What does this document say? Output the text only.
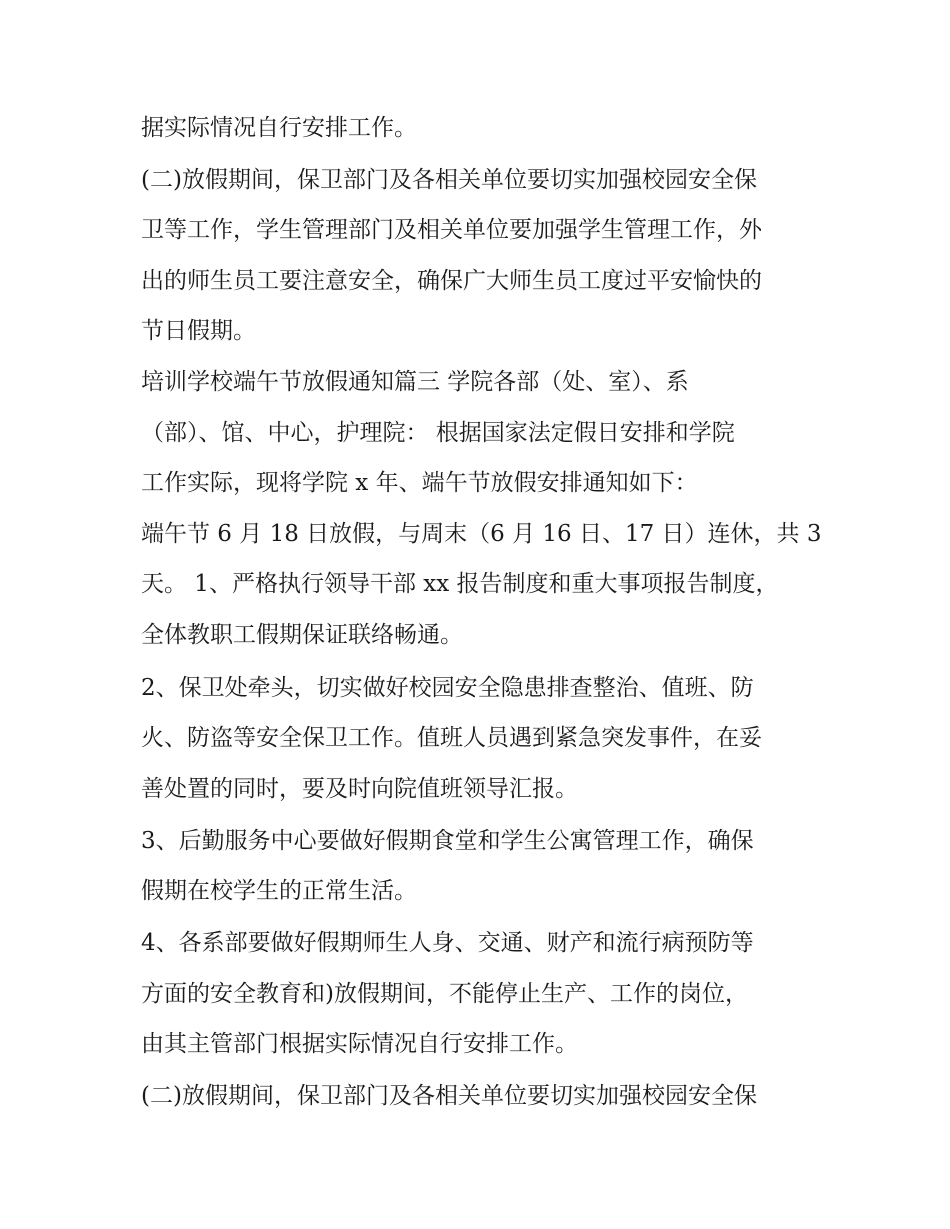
据实际情况自行安排工作。
(二)放假期间，保卫部门及各相关单位要切实加强校园安全保
卫等工作，学生管理部门及相关单位要加强学生管理工作，外
出的师生员工要注意安全，确保广大师生员工度过平安愉快的
节日假期。
培训学校端午节放假通知篇三 学院各部（处、室）、系
（部）、馆、中心，护理院： 根据国家法定假日安排和学院
工作实际，现将学院 x 年、端午节放假安排通知如下：
端午节 6 月 18 日放假，与周末（6 月 16 日、17 日）连休，共 3
天。 1、严格执行领导干部 xx 报告制度和重大事项报告制度，
全体教职工假期保证联络畅通。
2、保卫处牵头，切实做好校园安全隐患排查整治、值班、防
火、防盗等安全保卫工作。值班人员遇到紧急突发事件，在妥
善处置的同时，要及时向院值班领导汇报。
3、后勤服务中心要做好假期食堂和学生公寓管理工作，确保
假期在校学生的正常生活。
4、各系部要做好假期师生人身、交通、财产和流行病预防等
方面的安全教育和)放假期间，不能停止生产、工作的岗位，
由其主管部门根据实际情况自行安排工作。
(二)放假期间，保卫部门及各相关单位要切实加强校园安全保
